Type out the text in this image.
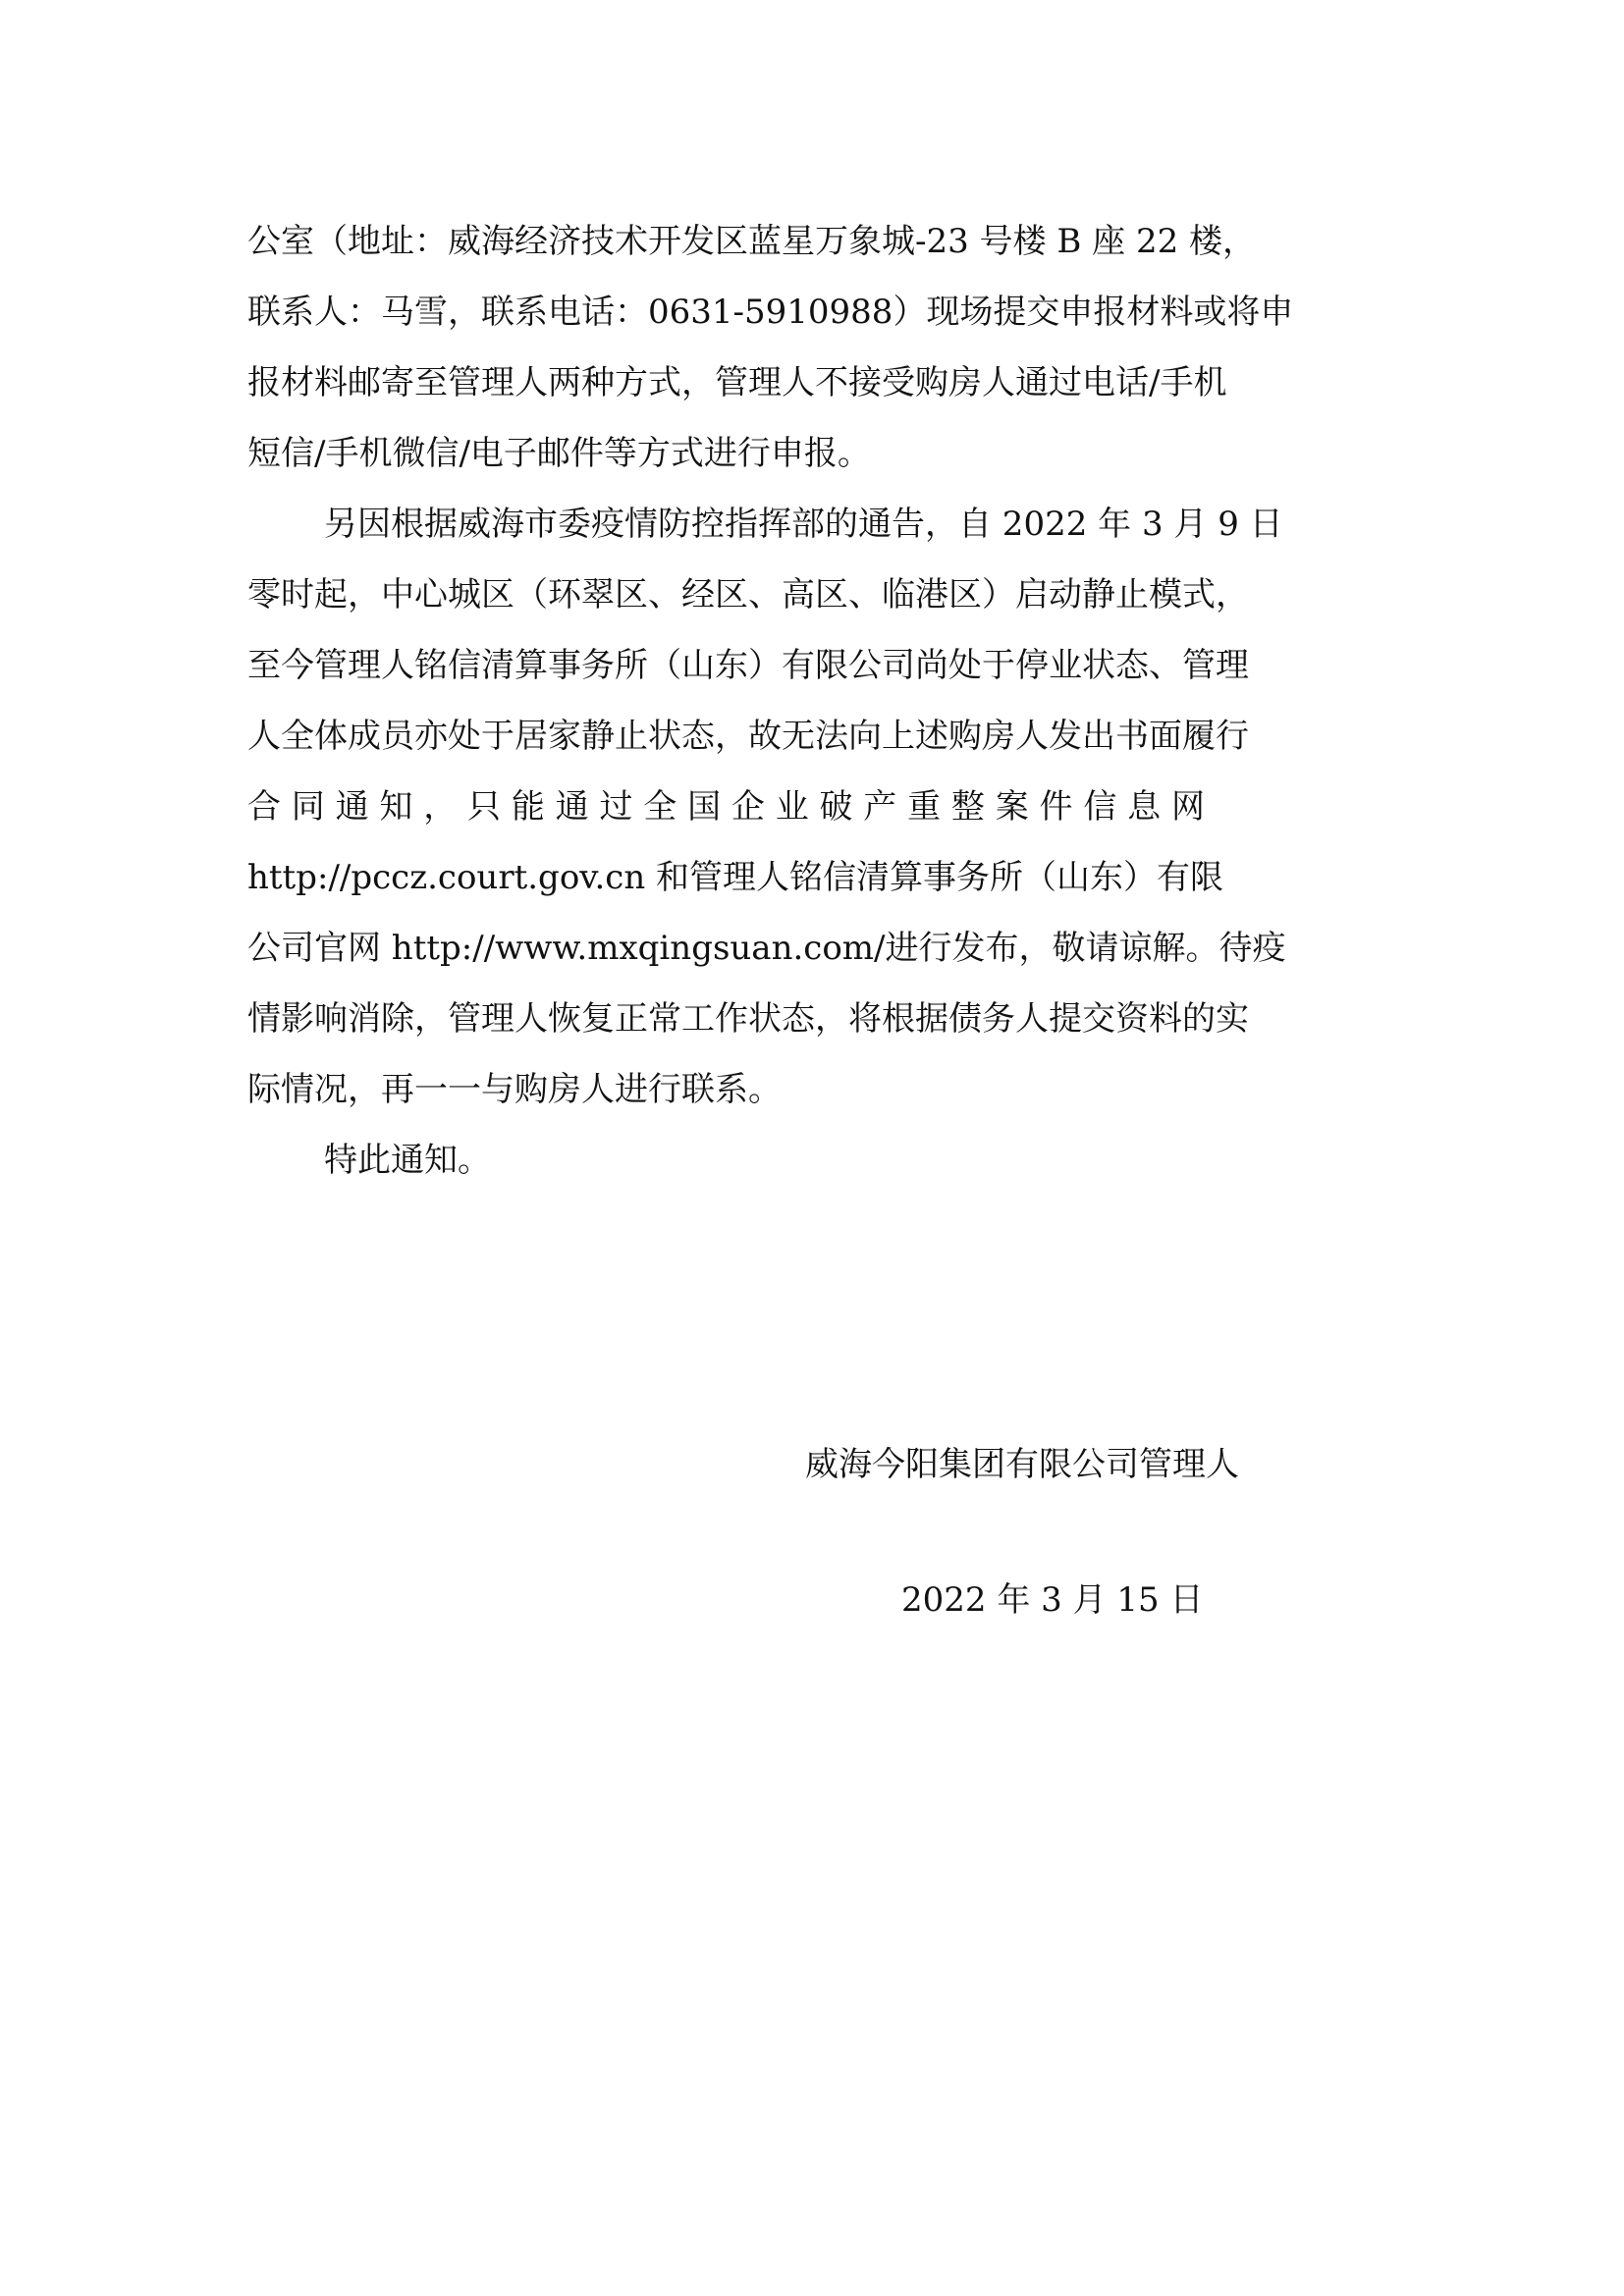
公室（地址：威海经济技术开发区蓝星万象城-23 号楼 B 座 22 楼，
联系人：马雪，联系电话：0631-5910988）现场提交申报材料或将申
报材料邮寄至管理人两种方式，管理人不接受购房人通过电话/手机
短信/手机微信/电子邮件等方式进行申报。
另因根据威海市委疫情防控指挥部的通告，自 2022 年 3 月 9 日
零时起，中心城区（环翠区、经区、高区、临港区）启动静止模式，
至今管理人铭信清算事务所（山东）有限公司尚处于停业状态、管理
人全体成员亦处于居家静止状态，故无法向上述购房人发出书面履行
合 同 通 知 ， 只 能 通 过 全 国 企 业 破 产 重 整 案 件 信 息 网
http://pccz.court.gov.cn 和管理人铭信清算事务所（山东）有限
公司官网 http://www.mxqingsuan.com/进行发布，敬请谅解。待疫
情影响消除，管理人恢复正常工作状态，将根据债务人提交资料的实
际情况，再一一与购房人进行联系。
特此通知。
威海今阳集团有限公司管理人
2022 年 3 月 15 日
